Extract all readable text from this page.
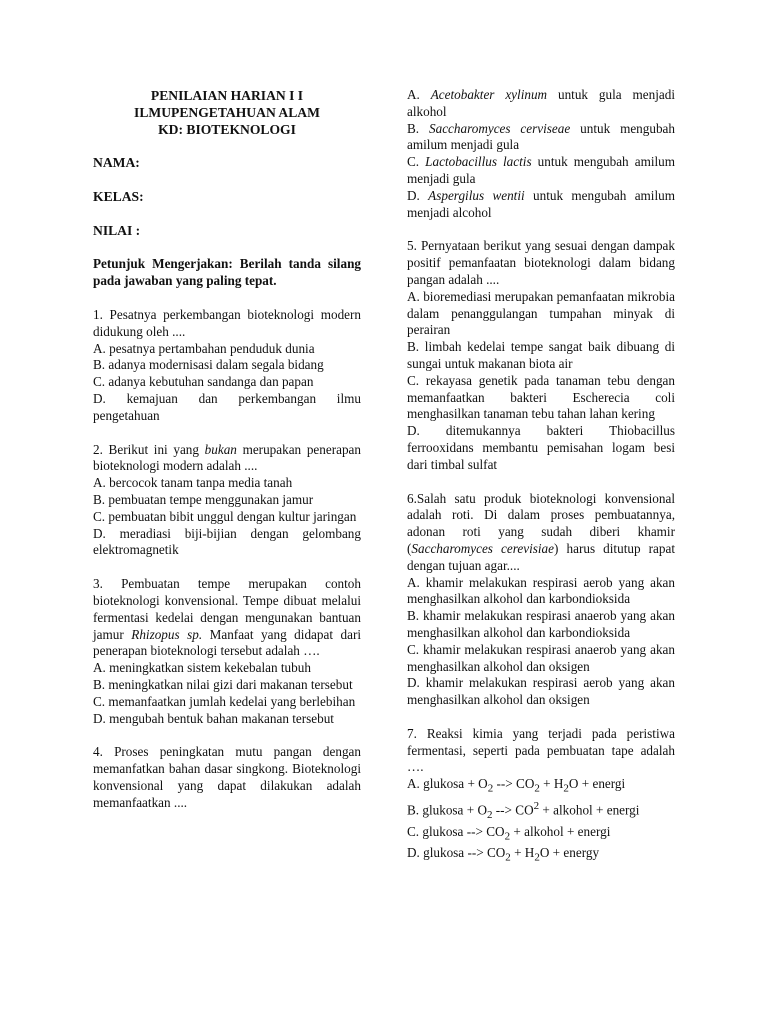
PENILAIAN HARIAN I I

ILMUPENGETAHUAN ALAM

KD: BIOTEKNOLOGI

NAMA:

KELAS:

NILAI :

Petunjuk Mengerjakan: Berilah tanda silang pada jawaban yang paling tepat.

1. Pesatnya perkembangan bioteknologi modern didukung oleh ....

A. pesatnya pertambahan penduduk dunia

B. adanya modernisasi dalam segala bidang

C. adanya kebutuhan sandanga dan papan

D. kemajuan dan perkembangan ilmu pengetahuan

2. Berikut ini yang bukan merupakan penerapan bioteknologi modern adalah ....

A. bercocok tanam tanpa media tanah

B. pembuatan tempe menggunakan jamur

C. pembuatan bibit unggul dengan kultur jaringan

D. meradiasi biji-bijian dengan gelombang elektromagnetik

3. Pembuatan tempe merupakan contoh bioteknologi konvensional. Tempe dibuat melalui fermentasi kedelai dengan mengunakan bantuan jamur Rhizopus sp. Manfaat yang didapat dari penerapan bioteknologi tersebut adalah ….

A. meningkatkan sistem kekebalan tubuh

B. meningkatkan nilai gizi dari makanan tersebut

C. memanfaatkan jumlah kedelai yang berlebihan

D. mengubah bentuk bahan makanan tersebut

4. Proses peningkatan mutu pangan dengan memanfatkan bahan dasar singkong. Bioteknologi konvensional yang dapat dilakukan adalah memanfaatkan ....

A. Acetobakter xylinum untuk gula menjadi alkohol

B. Saccharomyces cerviseae untuk mengubah amilum menjadi gula

C. Lactobacillus lactis untuk mengubah amilum menjadi gula

D. Aspergilus wentii untuk mengubah amilum menjadi alcohol

5. Pernyataan berikut yang sesuai dengan dampak positif pemanfaatan bioteknologi dalam bidang pangan adalah ....

A. bioremediasi merupakan pemanfaatan mikrobia dalam penanggulangan tumpahan minyak di perairan

B. limbah kedelai tempe sangat baik dibuang di sungai untuk makanan biota air

C. rekayasa genetik pada tanaman tebu dengan memanfaatkan bakteri Escherecia coli menghasilkan tanaman tebu tahan lahan kering

D. ditemukannya bakteri Thiobacillus ferrooxidans membantu pemisahan logam besi dari timbal sulfat

6.Salah satu produk bioteknologi konvensional adalah roti. Di dalam proses pembuatannya, adonan roti yang sudah diberi khamir (Saccharomyces cerevisiae) harus ditutup rapat dengan tujuan agar....

A. khamir melakukan respirasi aerob yang akan menghasilkan alkohol dan karbondioksida

B. khamir melakukan respirasi anaerob yang akan menghasilkan alkohol dan karbondioksida

C. khamir melakukan respirasi anaerob yang akan menghasilkan alkohol dan oksigen

D. khamir melakukan respirasi aerob yang akan menghasilkan alkohol dan oksigen

7. Reaksi kimia yang terjadi pada peristiwa fermentasi, seperti pada pembuatan tape adalah ….

A. glukosa + $O_2$ --> $CO_2 + H_2O$ + energi

B. glukosa + $O_2$ --> $CO^2$ + alkohol + energi

C. glukosa --> $CO_2$ + alkohol + energi

D. glukosa --> $CO_2 + H_2O$ + energy
